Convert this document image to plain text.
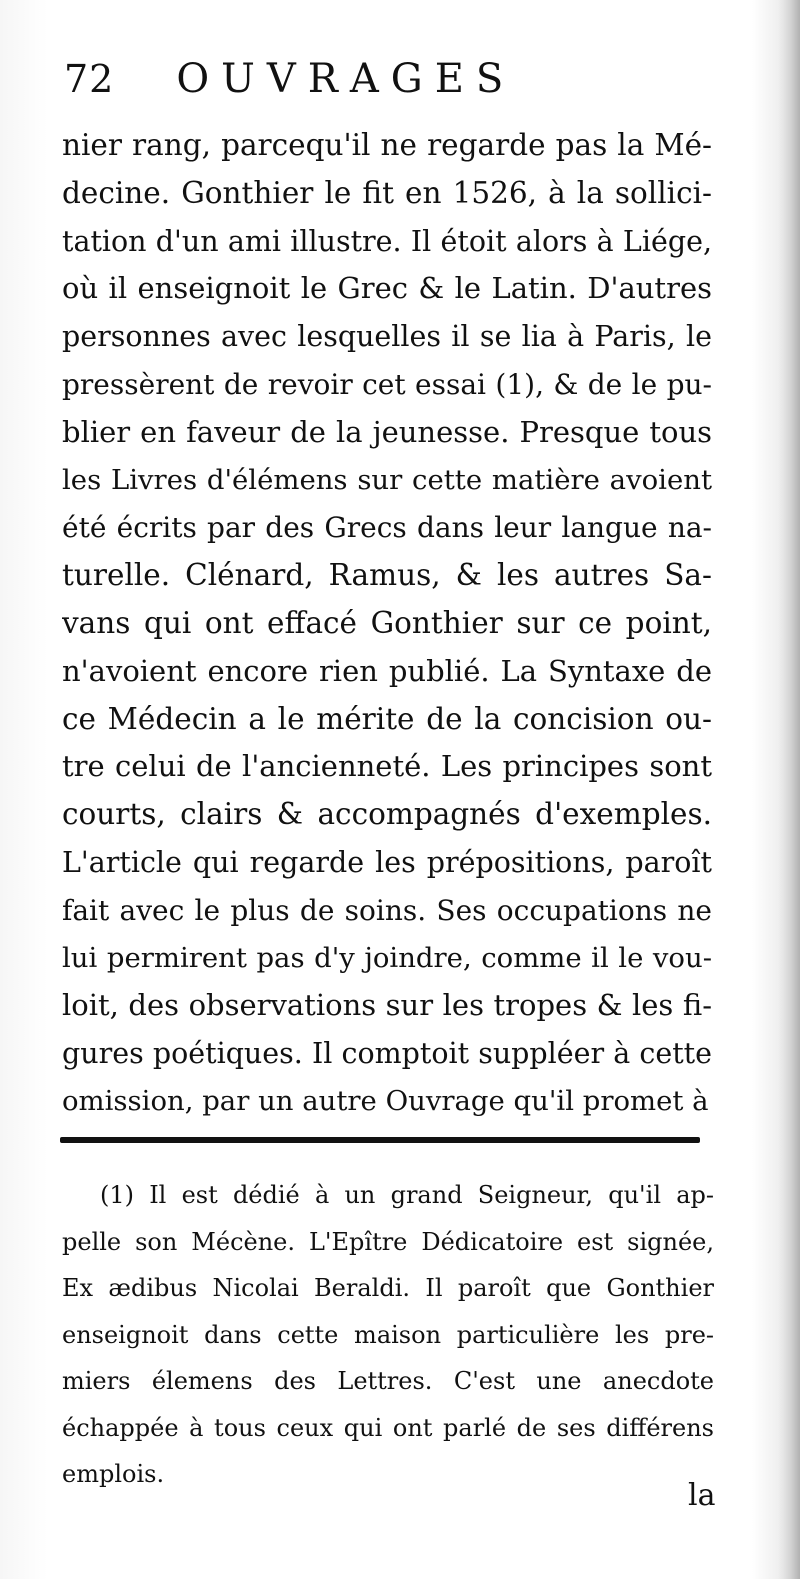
72 OUVRAGES
nier rang, parcequ'il ne regarde pas la Mé-
decine. Gonthier le fit en 1526, à la sollici-
tation d'un ami illustre. Il étoit alors à Liége,
où il enseignoit le Grec & le Latin. D'autres
personnes avec lesquelles il se lia à Paris, le
pressèrent de revoir cet essai (1), & de le pu-
blier en faveur de la jeunesse. Presque tous
les Livres d'élémens sur cette matière avoient
été écrits par des Grecs dans leur langue na-
turelle. Clénard, Ramus, & les autres Sa-
vans qui ont effacé Gonthier sur ce point,
n'avoient encore rien publié. La Syntaxe de
ce Médecin a le mérite de la concision ou-
tre celui de l'ancienneté. Les principes sont
courts, clairs & accompagnés d'exemples.
L'article qui regarde les prépositions, paroît
fait avec le plus de soins. Ses occupations ne
lui permirent pas d'y joindre, comme il le vou-
loit, des observations sur les tropes & les fi-
gures poétiques. Il comptoit suppléer à cette
omission, par un autre Ouvrage qu'il promet à
(1) Il est dédié à un grand Seigneur, qu'il ap-
pelle son Mécène. L'Epître Dédicatoire est signée,
Ex ædibus Nicolai Beraldi. Il paroît que Gonthier
enseignoit dans cette maison particulière les pre-
miers élemens des Lettres. C'est une anecdote
échappée à tous ceux qui ont parlé de ses différens
emplois.
la
